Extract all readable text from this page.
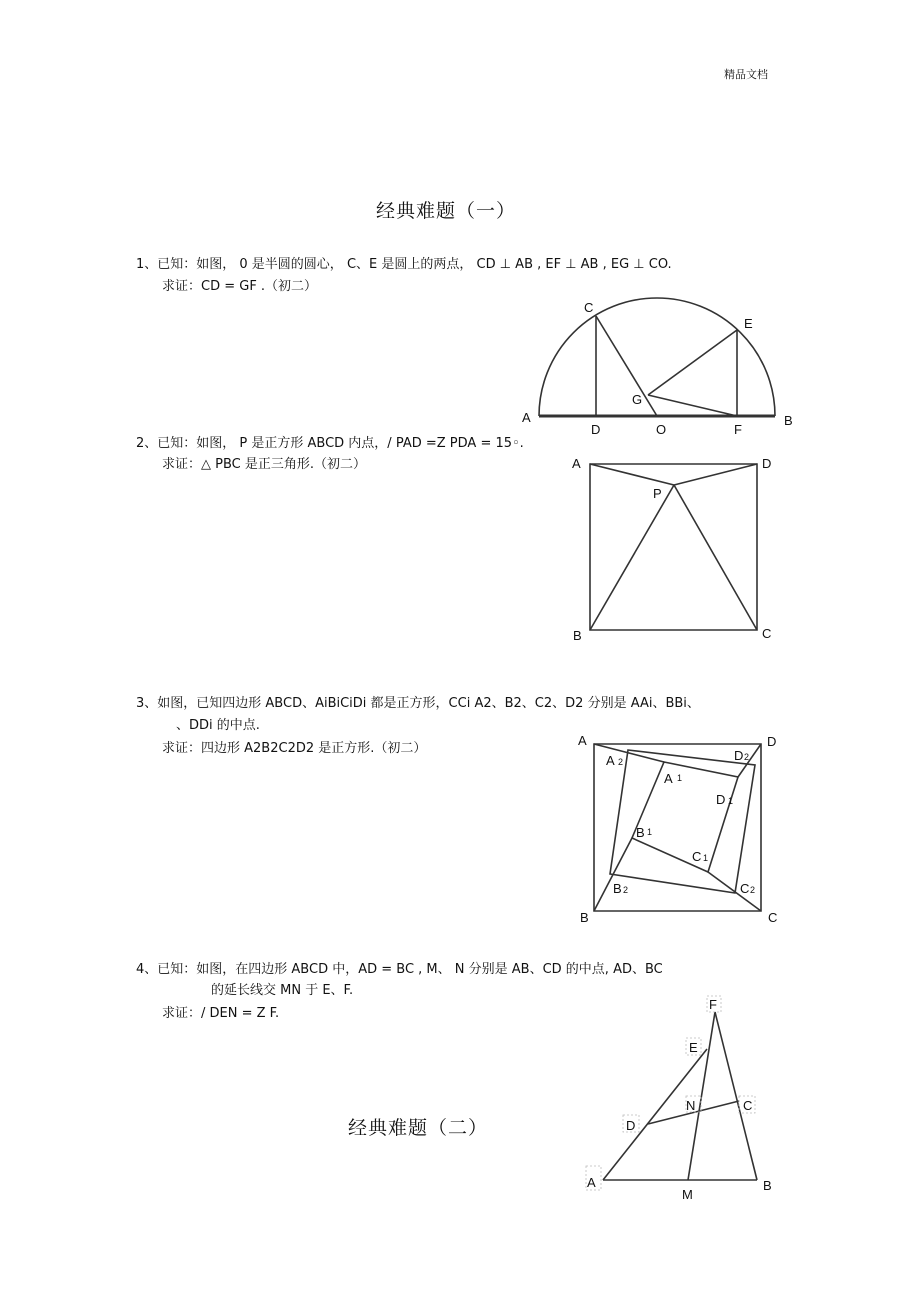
精品文档
经典难题（一）
1、已知：如图， 0 是半圆的圆心， C、E 是圆上的两点， CD ⊥ AB , EF ⊥ AB , EG ⊥ CO.
求证：CD = GF .（初二）
C
E
G
A	B
D	O	F
2、已知：如图， P 是正方形 ABCD 内点，/ PAD =Z PDA = 15◦.
求证：△ PBC 是正三角形.（初二）	A	D
P
B	C
3、如图，已知四边形 ABCD、AiBiCiDi 都是正方形，CCi A2、B2、C2、D2 分别是 AAi、BBi、
、DDi 的中点.
求证：四边形 A2B2C2D2 是正方形.（初二）
A	D
A 2	D 2
A 1
D 1
B 1
C 1
B 2	C 2
B	C
4、已知：如图，在四边形 ABCD 中，AD = BC , M、 N 分别是 AB、CD 的中点, AD、BC
的延长线交 MN 于 E、F.
求证：/ DEN = Z F.
经典难题（二）
F
E
N	C
D
A
M
B
